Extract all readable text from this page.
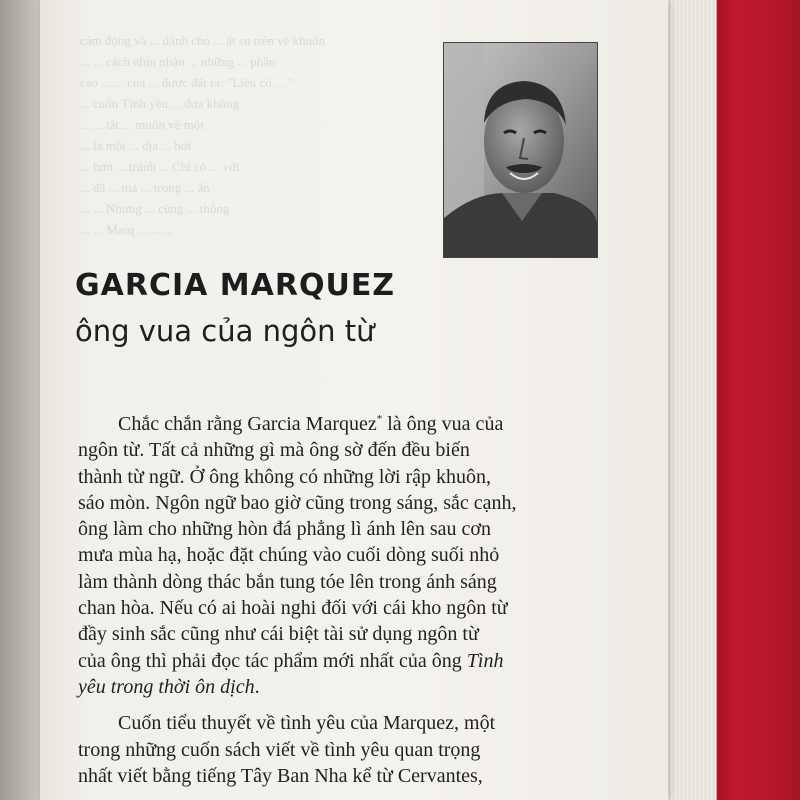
cảm động và ... dành cho ... ất su trên vẻ khuôn
... ... cách nhìn nhận ... những ... phần
cao ... ... của ... được đặt ra: "Liệu có ... "
... cuốn Tình yêu ... đưa không
... ... tất ... muốn về một
... là một ... dịa ... bới
... hơn ... tránh ... Chỉ có ... với
... đã ... mà ... trong ... ấn
... ... Nhưng ... cũng ... thông
... ... Marq ... ... ...
GARCIA MARQUEZ
ông vua của ngôn từ

Chắc chắn rằng Garcia Marquez* là ông vua của
ngôn từ. Tất cả những gì mà ông sờ đến đều biến
thành từ ngữ. Ở ông không có những lời rập khuôn,
sáo mòn. Ngôn ngữ bao giờ cũng trong sáng, sắc cạnh,
ông làm cho những hòn đá phẳng lì ánh lên sau cơn
mưa mùa hạ, hoặc đặt chúng vào cuối dòng suối nhỏ
làm thành dòng thác bắn tung tóe lên trong ánh sáng
chan hòa. Nếu có ai hoài nghi đối với cái kho ngôn từ
đầy sinh sắc cũng như cái biệt tài sử dụng ngôn từ
của ông thì phải đọc tác phẩm mới nhất của ông Tình
yêu trong thời ôn dịch.

Cuốn tiểu thuyết về tình yêu của Marquez, một
trong những cuốn sách viết về tình yêu quan trọng
nhất viết bằng tiếng Tây Ban Nha kể từ Cervantes,
